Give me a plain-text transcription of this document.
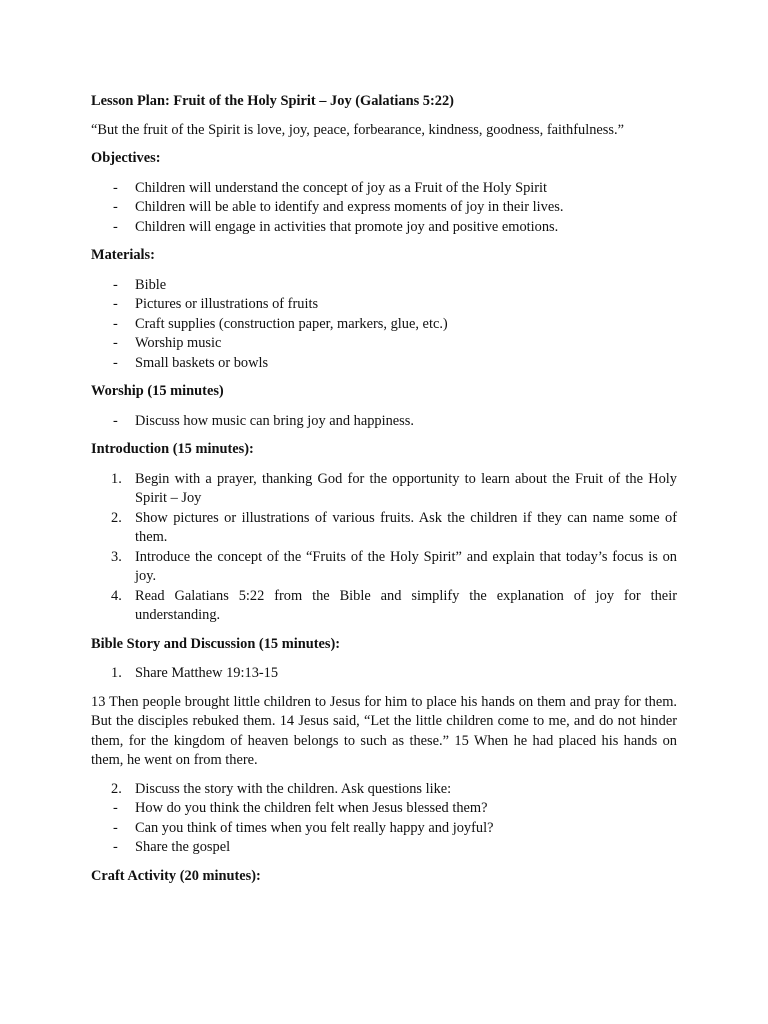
Lesson Plan: Fruit of the Holy Spirit – Joy (Galatians 5:22)

“But the fruit of the Spirit is love, joy, peace, forbearance, kindness, goodness, faithfulness.”

Objectives:

- Children will understand the concept of joy as a Fruit of the Holy Spirit
- Children will be able to identify and express moments of joy in their lives.
- Children will engage in activities that promote joy and positive emotions.

Materials:

- Bible
- Pictures or illustrations of fruits
- Craft supplies (construction paper, markers, glue, etc.)
- Worship music
- Small baskets or bowls

Worship (15 minutes)

- Discuss how music can bring joy and happiness.

Introduction (15 minutes):

1. Begin with a prayer, thanking God for the opportunity to learn about the Fruit of the Holy Spirit – Joy
2. Show pictures or illustrations of various fruits. Ask the children if they can name some of them.
3. Introduce the concept of the “Fruits of the Holy Spirit” and explain that today’s focus is on joy.
4. Read Galatians 5:22 from the Bible and simplify the explanation of joy for their understanding.

Bible Story and Discussion (15 minutes):

1. Share Matthew 19:13-15

13 Then people brought little children to Jesus for him to place his hands on them and pray for them. But the disciples rebuked them. 14 Jesus said, “Let the little children come to me, and do not hinder them, for the kingdom of heaven belongs to such as these.” 15 When he had placed his hands on them, he went on from there.

2. Discuss the story with the children. Ask questions like:
- How do you think the children felt when Jesus blessed them?
- Can you think of times when you felt really happy and joyful?
- Share the gospel

Craft Activity (20 minutes):
